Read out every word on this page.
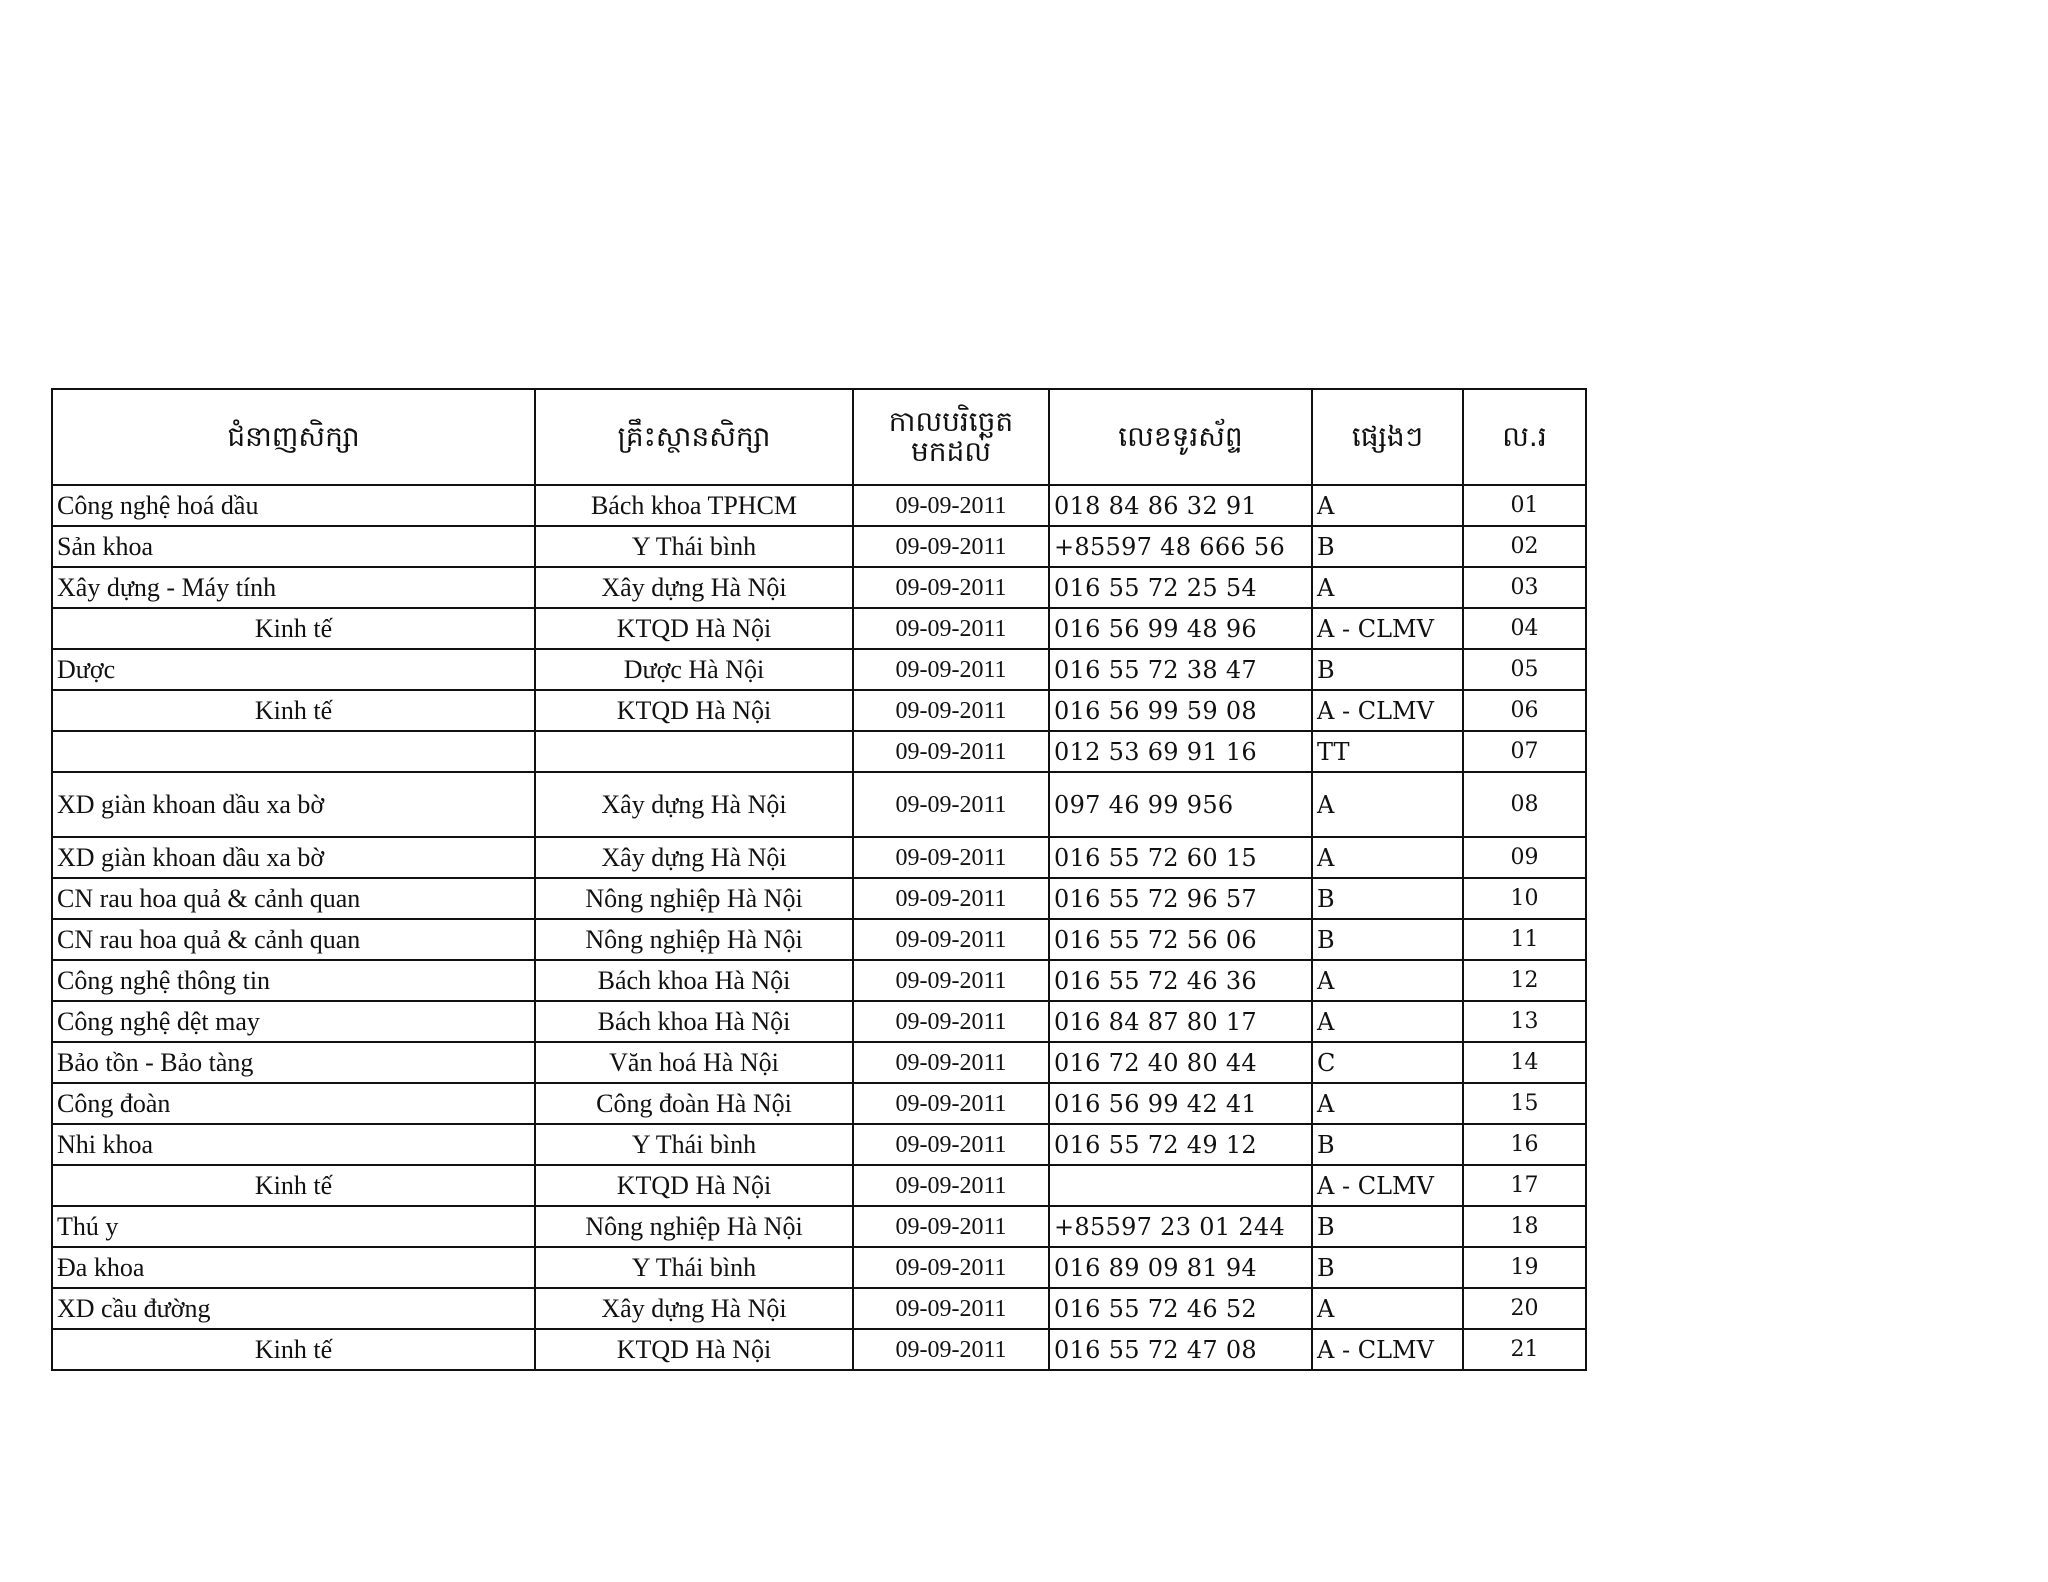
ជំនាញសិក្សា	គ្រឹះស្ថានសិក្សា	កាលបរិច្ឆេត មកដល់	លេខទូរស័ព្ទ	ផ្សេងៗ	ល.រ
Công nghệ hoá dầu	Bách khoa TPHCM	09-09-2011	018 84 86 32 91	A	01
Sản khoa	Y Thái bình	09-09-2011	+85597 48 666 56	B	02
Xây dựng - Máy tính	Xây dựng Hà Nội	09-09-2011	016 55 72 25 54	A	03
Kinh tế	KTQD Hà Nội	09-09-2011	016 56 99 48 96	A - CLMV	04
Dược	Dược Hà Nội	09-09-2011	016 55 72 38 47	B	05
Kinh tế	KTQD Hà Nội	09-09-2011	016 56 99 59 08	A - CLMV	06
		09-09-2011	012 53 69 91 16	TT	07
XD giàn khoan dầu xa bờ	Xây dựng Hà Nội	09-09-2011	097 46 99 956	A	08
XD giàn khoan dầu xa bờ	Xây dựng Hà Nội	09-09-2011	016 55 72 60 15	A	09
CN rau hoa quả & cảnh quan	Nông nghiệp Hà Nội	09-09-2011	016 55 72 96 57	B	10
CN rau hoa quả & cảnh quan	Nông nghiệp Hà Nội	09-09-2011	016 55 72 56 06	B	11
Công nghệ thông tin	Bách khoa Hà Nội	09-09-2011	016 55 72 46 36	A	12
Công nghệ dệt may	Bách khoa Hà Nội	09-09-2011	016 84 87 80 17	A	13
Bảo tồn - Bảo tàng	Văn hoá Hà Nội	09-09-2011	016 72 40 80 44	C	14
Công đoàn	Công đoàn Hà Nội	09-09-2011	016 56 99 42 41	A	15
Nhi khoa	Y Thái bình	09-09-2011	016 55 72 49 12	B	16
Kinh tế	KTQD Hà Nội	09-09-2011		A - CLMV	17
Thú y	Nông nghiệp Hà Nội	09-09-2011	+85597 23 01 244	B	18
Đa khoa	Y Thái bình	09-09-2011	016 89 09 81 94	B	19
XD cầu đường	Xây dựng Hà Nội	09-09-2011	016 55 72 46 52	A	20
Kinh tế	KTQD Hà Nội	09-09-2011	016 55 72 47 08	A - CLMV	21
